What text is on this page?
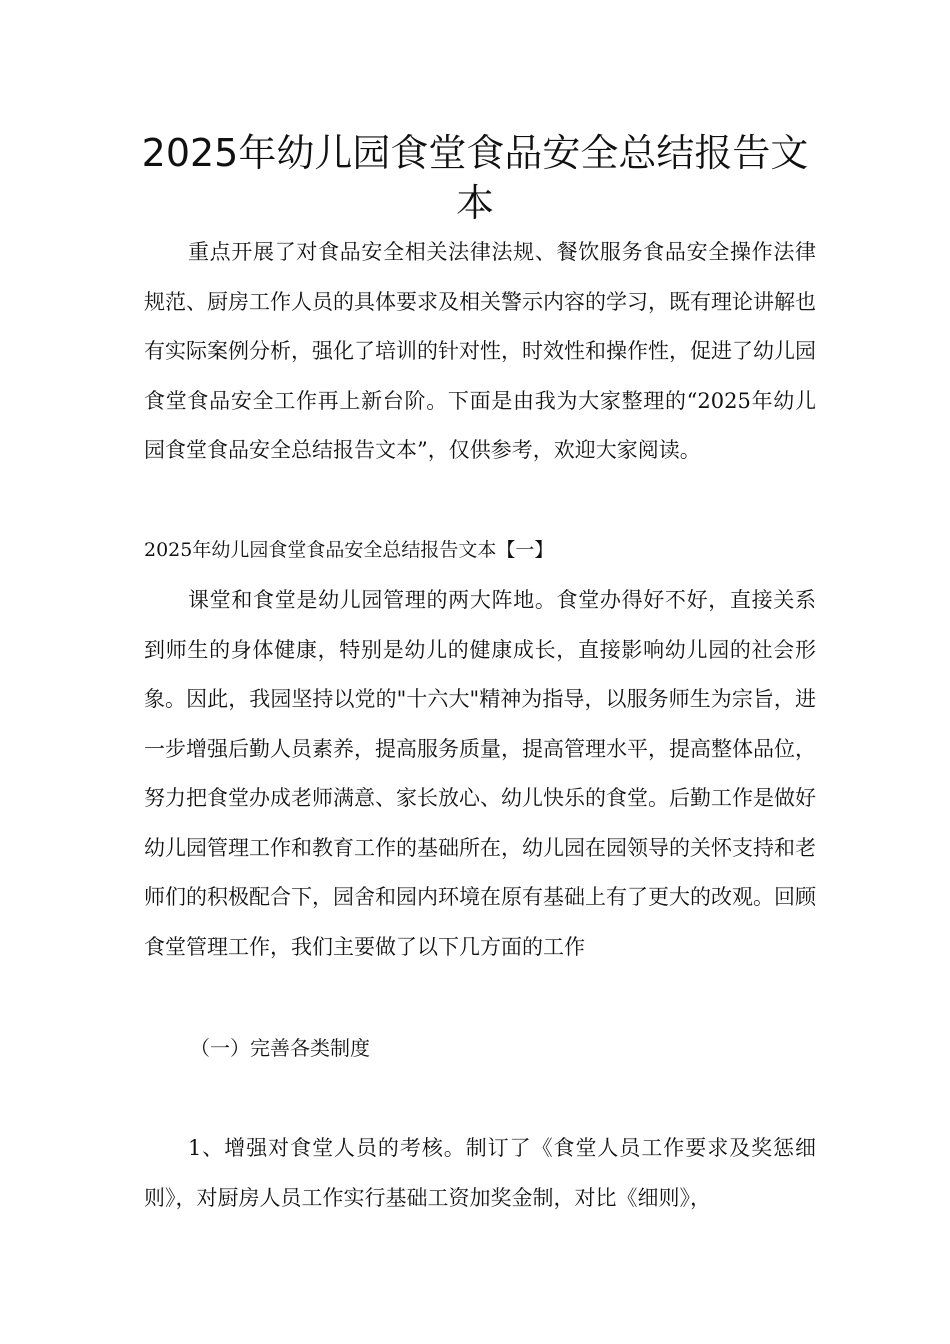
2025年幼儿园食堂食品安全总结报告文
本

重点开展了对食品安全相关法律法规、餐饮服务食品安全操作法律规范、厨房工作人员的具体要求及相关警示内容的学习，既有理论讲解也有实际案例分析，强化了培训的针对性，时效性和操作性，促进了幼儿园食堂食品安全工作再上新台阶。下面是由我为大家整理的“2025年幼儿园食堂食品安全总结报告文本”，仅供参考，欢迎大家阅读。

2025年幼儿园食堂食品安全总结报告文本【一】

课堂和食堂是幼儿园管理的两大阵地。食堂办得好不好，直接关系到师生的身体健康，特别是幼儿的健康成长，直接影响幼儿园的社会形象。因此，我园坚持以党的"十六大"精神为指导，以服务师生为宗旨，进一步增强后勤人员素养，提高服务质量，提高管理水平，提高整体品位，努力把食堂办成老师满意、家长放心、幼儿快乐的食堂。后勤工作是做好幼儿园管理工作和教育工作的基础所在，幼儿园在园领导的关怀支持和老师们的积极配合下，园舍和园内环境在原有基础上有了更大的改观。回顾食堂管理工作，我们主要做了以下几方面的工作

（一）完善各类制度

1、增强对食堂人员的考核。制订了《食堂人员工作要求及奖惩细则》，对厨房人员工作实行基础工资加奖金制，对比《细则》，
